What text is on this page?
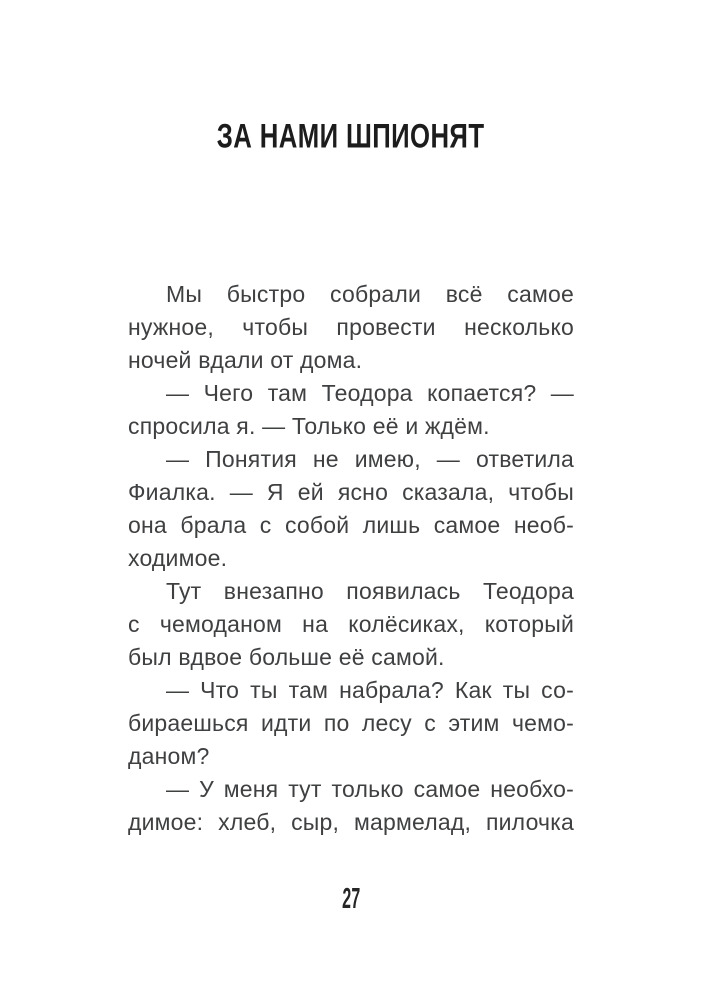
ЗА НАМИ ШПИОНЯТ
Мы быстро собрали всё самое
нужное, чтобы провести несколько
ночей вдали от дома.
— Чего там Теодора копается? —
спросила я. — Только её и ждём.
— Понятия не имею, — ответила
Фиалка. — Я ей ясно сказала, чтобы
она брала с собой лишь самое необ-
ходимое.
Тут внезапно появилась Теодора
с чемоданом на колёсиках, который
был вдвое больше её самой.
— Что ты там набрала? Как ты со-
бираешься идти по лесу с этим чемо-
даном?
— У меня тут только самое необхо-
димое: хлеб, сыр, мармелад, пилочка
27
